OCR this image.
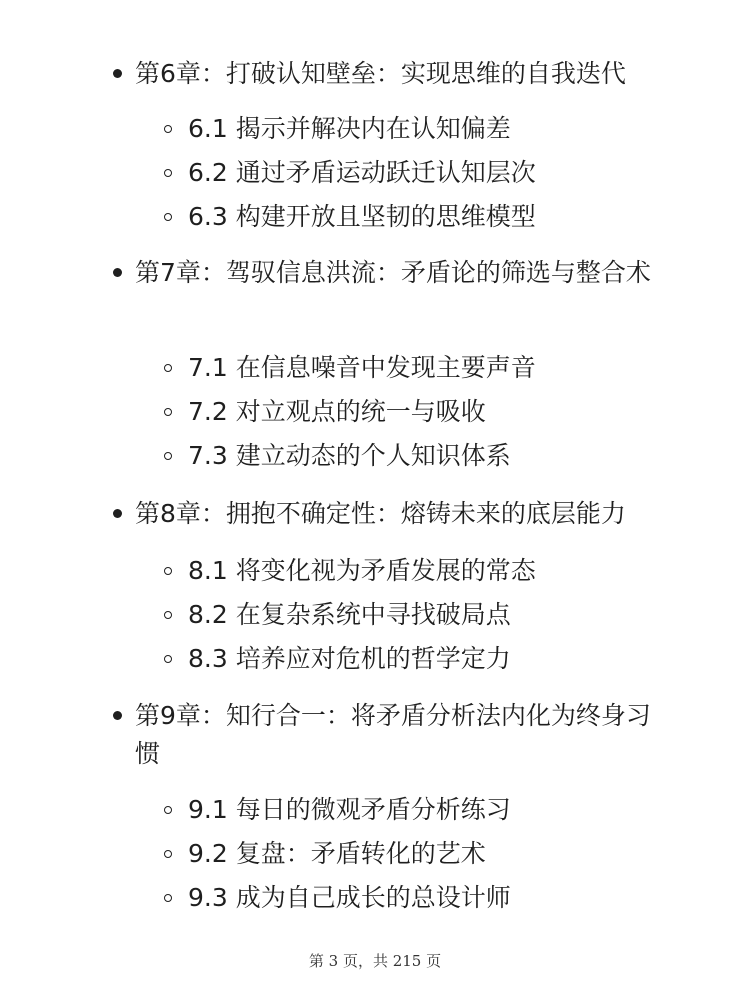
第6章：打破认知壁垒：实现思维的自我迭代
6.1 揭示并解决内在认知偏差
6.2 通过矛盾运动跃迁认知层次
6.3 构建开放且坚韧的思维模型
第7章：驾驭信息洪流：矛盾论的筛选与整合术
7.1 在信息噪音中发现主要声音
7.2 对立观点的统一与吸收
7.3 建立动态的个人知识体系
第8章：拥抱不确定性：熔铸未来的底层能力
8.1 将变化视为矛盾发展的常态
8.2 在复杂系统中寻找破局点
8.3 培养应对危机的哲学定力
第9章：知行合一：将矛盾分析法内化为终身习惯
9.1 每日的微观矛盾分析练习
9.2 复盘：矛盾转化的艺术
9.3 成为自己成长的总设计师
第 3 页，共 215 页
